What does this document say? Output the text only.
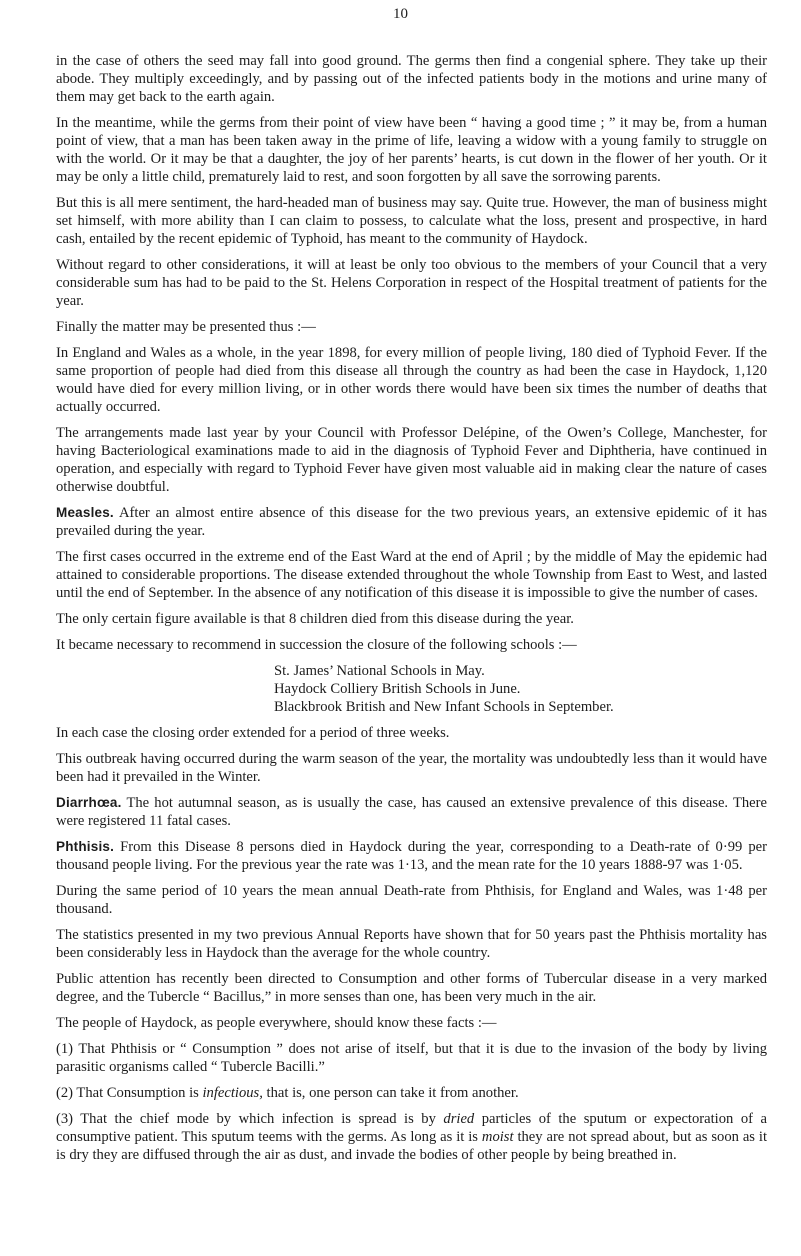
10

in the case of others the seed may fall into good ground. The germs then find a congenial sphere. They take up their abode. They multiply exceedingly, and by passing out of the infected patients body in the motions and urine many of them may get back to the earth again.

In the meantime, while the germs from their point of view have been “ having a good time ; ” it may be, from a human point of view, that a man has been taken away in the prime of life, leaving a widow with a young family to struggle on with the world. Or it may be that a daughter, the joy of her parents’ hearts, is cut down in the flower of her youth. Or it may be only a little child, prematurely laid to rest, and soon forgotten by all save the sorrowing parents.

But this is all mere sentiment, the hard-headed man of business may say. Quite true. However, the man of business might set himself, with more ability than I can claim to possess, to calculate what the loss, present and prospective, in hard cash, entailed by the recent epidemic of Typhoid, has meant to the community of Haydock.

Without regard to other considerations, it will at least be only too obvious to the members of your Council that a very considerable sum has had to be paid to the St. Helens Corporation in respect of the Hospital treatment of patients for the year.

Finally the matter may be presented thus :—

In England and Wales as a whole, in the year 1898, for every million of people living, 180 died of Typhoid Fever. If the same proportion of people had died from this disease all through the country as had been the case in Haydock, 1,120 would have died for every million living, or in other words there would have been six times the number of deaths that actually occurred.

The arrangements made last year by your Council with Professor Delépine, of the Owen’s College, Manchester, for having Bacteriological examinations made to aid in the diagnosis of Typhoid Fever and Diphtheria, have continued in operation, and especially with regard to Typhoid Fever have given most valuable aid in making clear the nature of cases otherwise doubtful.

Measles. After an almost entire absence of this disease for the two previous years, an extensive epidemic of it has prevailed during the year.

The first cases occurred in the extreme end of the East Ward at the end of April ; by the middle of May the epidemic had attained to considerable proportions. The disease extended throughout the whole Township from East to West, and lasted until the end of September. In the absence of any notification of this disease it is impossible to give the number of cases.

The only certain figure available is that 8 children died from this disease during the year.

It became necessary to recommend in succession the closure of the following schools :—

St. James’ National Schools in May.
Haydock Colliery British Schools in June.
Blackbrook British and New Infant Schools in September.

In each case the closing order extended for a period of three weeks.

This outbreak having occurred during the warm season of the year, the mortality was undoubtedly less than it would have been had it prevailed in the Winter.

Diarrhœa. The hot autumnal season, as is usually the case, has caused an extensive prevalence of this disease. There were registered 11 fatal cases.

Phthisis. From this Disease 8 persons died in Haydock during the year, corresponding to a Death-rate of 0·99 per thousand people living. For the previous year the rate was 1·13, and the mean rate for the 10 years 1888-97 was 1·05.

During the same period of 10 years the mean annual Death-rate from Phthisis, for England and Wales, was 1·48 per thousand.

The statistics presented in my two previous Annual Reports have shown that for 50 years past the Phthisis mortality has been considerably less in Haydock than the average for the whole country.

Public attention has recently been directed to Consumption and other forms of Tubercular disease in a very marked degree, and the Tubercle “ Bacillus,” in more senses than one, has been very much in the air.

The people of Haydock, as people everywhere, should know these facts :—

(1) That Phthisis or “ Consumption ” does not arise of itself, but that it is due to the invasion of the body by living parasitic organisms called “ Tubercle Bacilli.”

(2) That Consumption is infectious, that is, one person can take it from another.

(3) That the chief mode by which infection is spread is by dried particles of the sputum or expectoration of a consumptive patient. This sputum teems with the germs. As long as it is moist they are not spread about, but as soon as it is dry they are diffused through the air as dust, and invade the bodies of other people by being breathed in.
